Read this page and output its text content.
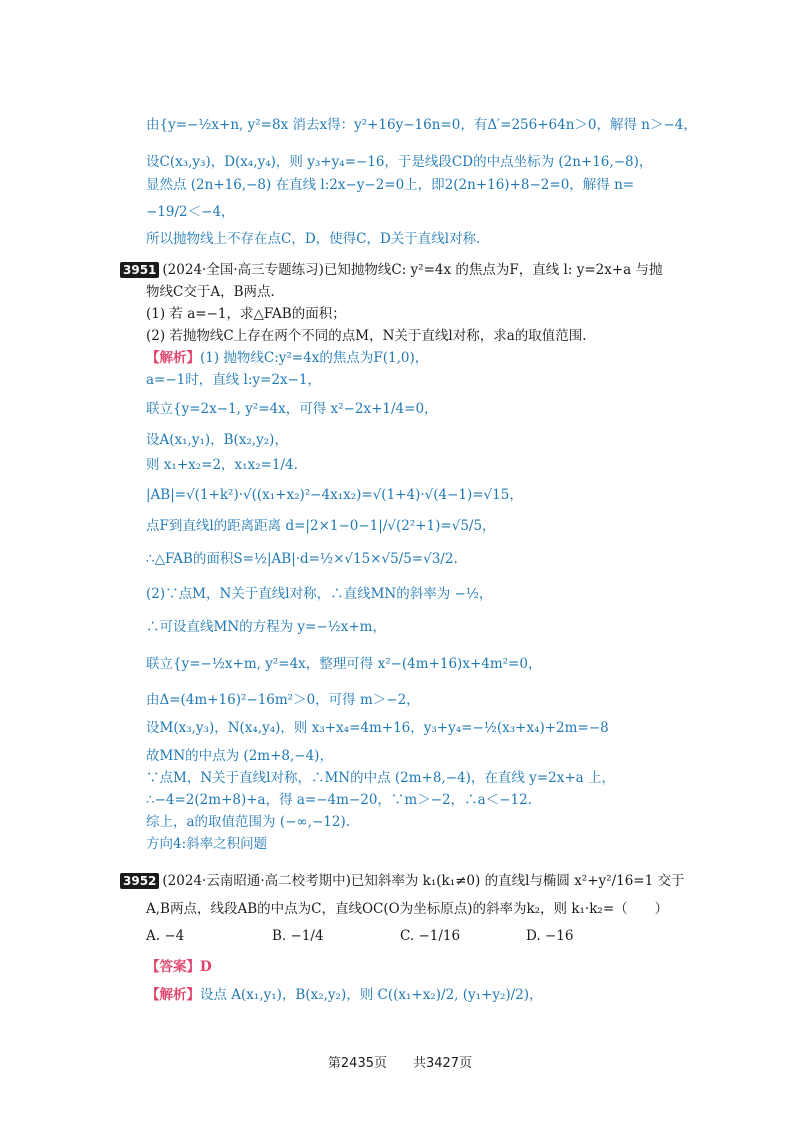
由{y=−½x+n, y²=8x 消去x得：y²+16y−16n=0，有Δ′=256+64n＞0，解得 n＞−4，
设C(x₃,y₃)，D(x₄,y₄)，则 y₃+y₄=−16，于是线段CD的中点坐标为 (2n+16,−8)，
显然点 (2n+16,−8) 在直线 l:2x−y−2=0上，即2(2n+16)+8−2=0，解得 n=
−19/2＜−4，
所以抛物线上不存在点C，D，使得C，D关于直线l对称.
3951 (2024·全国·高三专题练习)已知抛物线C: y²=4x 的焦点为F，直线 l: y=2x+a 与抛
物线C交于A，B两点.
(1) 若 a=−1，求△FAB的面积；
(2) 若抛物线C上存在两个不同的点M，N关于直线l对称，求a的取值范围.
【解析】(1) 抛物线C:y²=4x的焦点为F(1,0)，
a=−1时，直线 l:y=2x−1，
联立{y=2x−1, y²=4x，可得 x²−2x+1/4=0，
设A(x₁,y₁)，B(x₂,y₂)，
则 x₁+x₂=2，x₁x₂=1/4.
|AB|=√(1+k²)·√((x₁+x₂)²−4x₁x₂)=√(1+4)·√(4−1)=√15，
点F到直线l的距离距离 d=|2×1−0−1|/√(2²+1)=√5/5，
∴△FAB的面积S=½|AB|·d=½×√15×√5/5=√3/2.
(2)∵点M，N关于直线l对称，∴直线MN的斜率为 −½，
∴可设直线MN的方程为 y=−½x+m，
联立{y=−½x+m, y²=4x，整理可得 x²−(4m+16)x+4m²=0，
由Δ=(4m+16)²−16m²＞0，可得 m＞−2，
设M(x₃,y₃)，N(x₄,y₄)，则 x₃+x₄=4m+16，y₃+y₄=−½(x₃+x₄)+2m=−8
故MN的中点为 (2m+8,−4)，
∵点M，N关于直线l对称，∴MN的中点 (2m+8,−4)，在直线 y=2x+a 上，
∴−4=2(2m+8)+a，得 a=−4m−20，∵m＞−2，∴a＜−12.
综上，a的取值范围为 (−∞,−12).
方向4:斜率之积问题
3952 (2024·云南昭通·高二校考期中)已知斜率为 k₁(k₁≠0) 的直线l与椭圆 x²+y²/16=1 交于
A,B两点，线段AB的中点为C，直线OC(O为坐标原点)的斜率为k₂，则 k₁·k₂=（　　）
A. −4	B. −1/4	C. −1/16	D. −16
【答案】D
【解析】设点 A(x₁,y₁)，B(x₂,y₂)，则 C((x₁+x₂)/2, (y₁+y₂)/2)，
第2435页　　共3427页
